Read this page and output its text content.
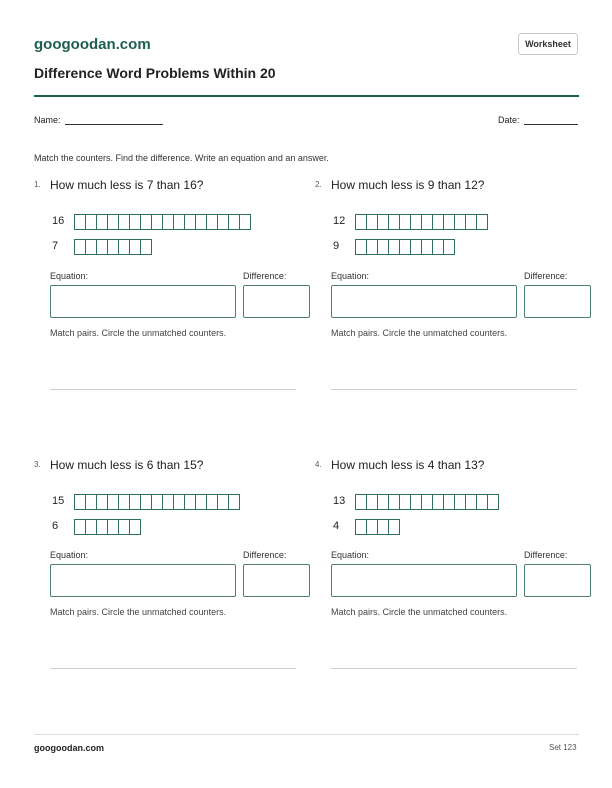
googoodan.com	Worksheet
Difference Word Problems Within 20
Name:	Date:
Match the counters. Find the difference. Write an equation and an answer.
1. How much less is 7 than 16?
16
7
Equation:	Difference:
Match pairs. Circle the unmatched counters.
2. How much less is 9 than 12?
12
9
Equation:	Difference:
Match pairs. Circle the unmatched counters.
3. How much less is 6 than 15?
15
6
Equation:	Difference:
Match pairs. Circle the unmatched counters.
4. How much less is 4 than 13?
13
4
Equation:	Difference:
Match pairs. Circle the unmatched counters.
googoodan.com	Set 123
